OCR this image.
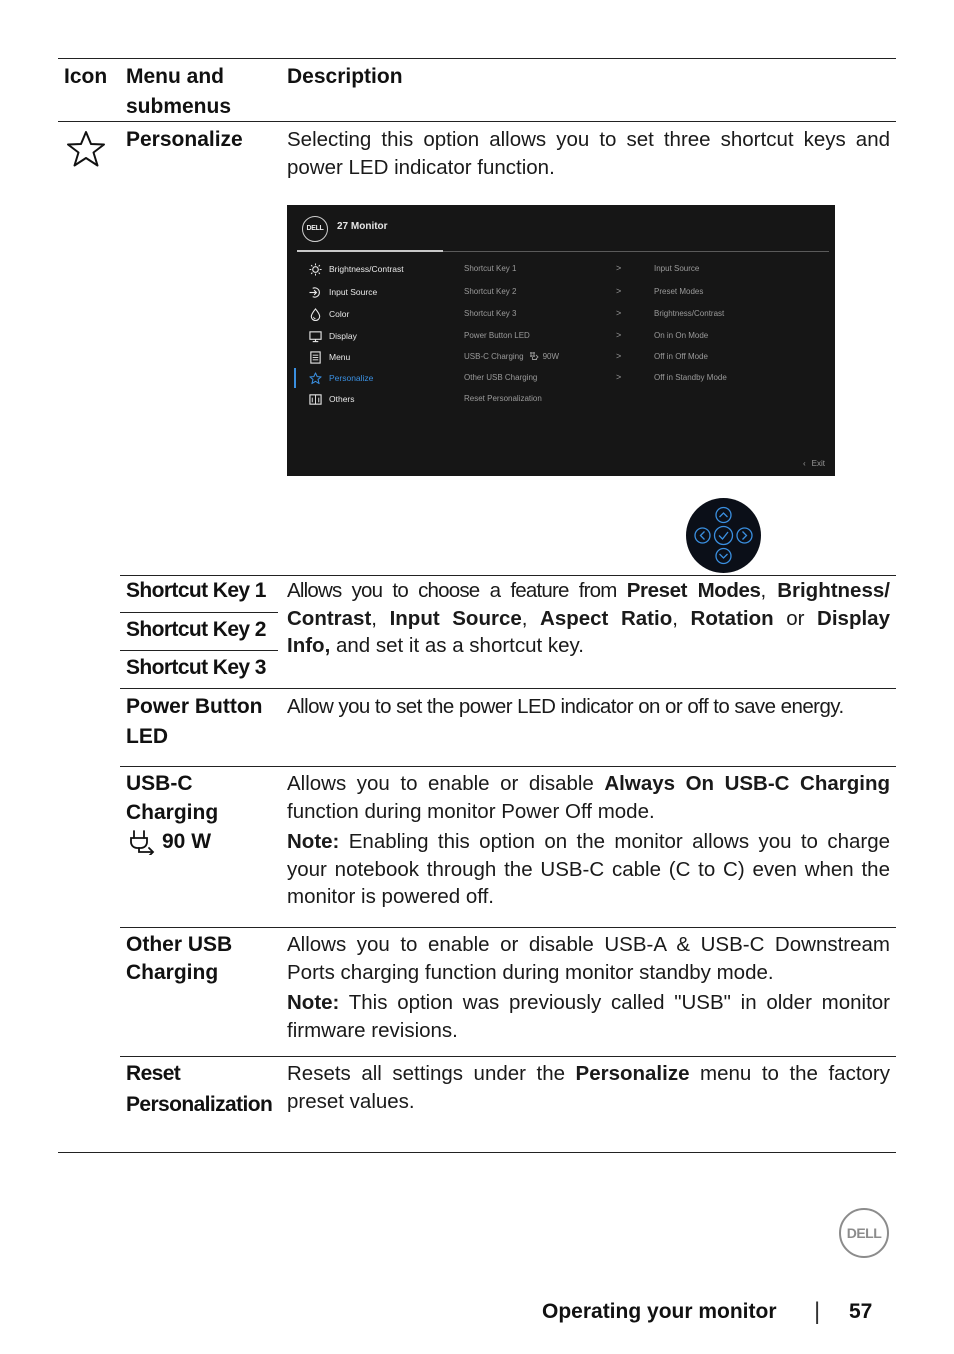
Icon Menu and
submenus
Description
Personalize Selecting this option allows you to set three shortcut keys and power LED indicator function.
DELL	27 Monitor
Brightness/Contrast
Input Source
Color
Display
Menu
Personalize
Others
Shortcut Key 1
Shortcut Key 2
Shortcut Key 3
Power Button LED
USB-C Charging 90W
Other USB Charging
Reset Personalization
>
>
>
>
>
>
Input Source
Preset Modes
Brightness/Contrast
On in On Mode
Off in Off Mode
Off in Standby Mode
‹ Exit
Shortcut Key 1
Shortcut Key 2
Shortcut Key 3
Allows you to choose a feature from Preset Modes, Brightness/ Contrast, Input Source, Aspect Ratio, Rotation or Display Info, and set it as a shortcut key.
Power Button
LED
Allow you to set the power LED indicator on or off to save energy.
USB-C
Charging
90 W

Allows you to enable or disable Always On USB-C Charging function during monitor Power Off mode.

Note: Enabling this option on the monitor allows you to charge your notebook through the USB-C cable (C to C) even when the monitor is powered off.

Other USB
Charging

Allows you to enable or disable USB-A & USB-C Downstream Ports charging function during monitor standby mode.

Note: This option was previously called "USB" in older monitor firmware revisions.

Reset
Personalization
Resets all settings under the Personalize menu to the factory preset values.
DELL
Operating your monitor | 57
